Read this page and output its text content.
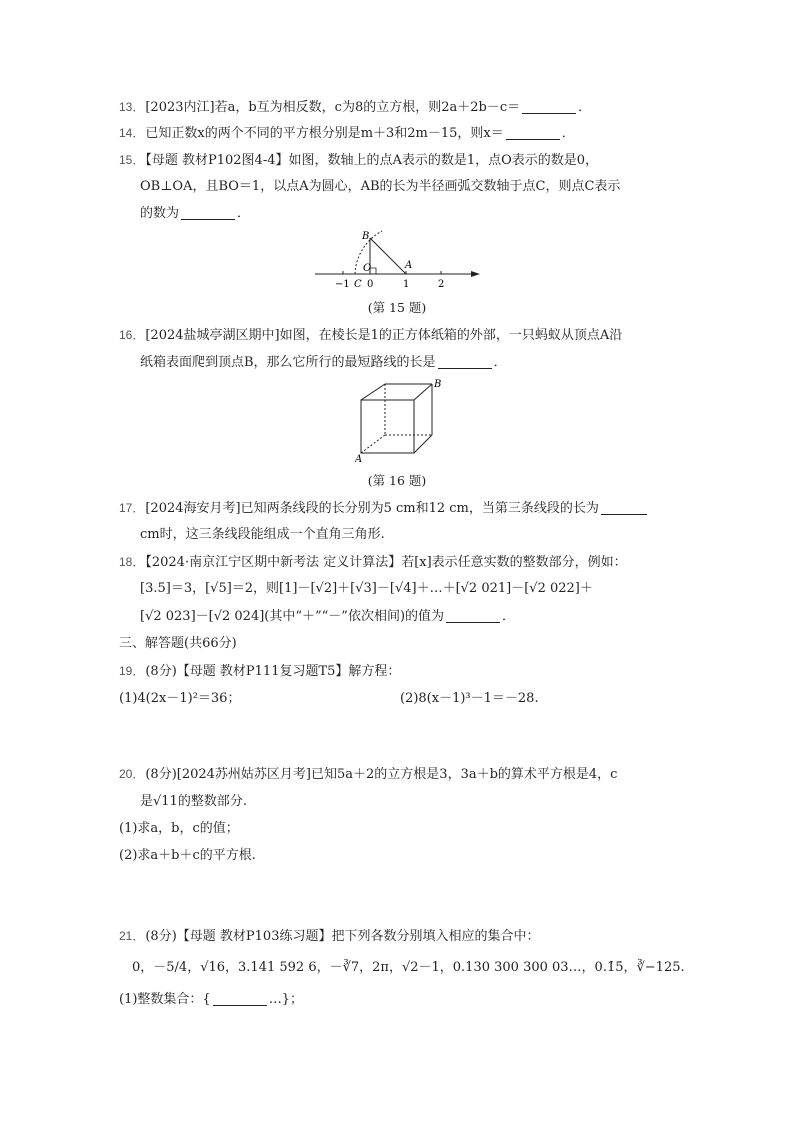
13．[2023内江]若a，b互为相反数，c为8的立方根，则2a＋2b－c＝	．
14．已知正数x的两个不同的平方根分别是m＋3和2m－15，则x＝	．
15．【母题 教材P102图4-4】如图，数轴上的点A表示的数是1，点O表示的数是0，
OB⊥OA，且BO＝1，以点A为圆心，AB的长为半径画弧交数轴于点C，则点C表示
的数为	．
B
O	A
C
−1 0	1	2
(第 15 题)
16．[2024盐城亭湖区期中]如图，在棱长是1的正方体纸箱的外部，一只蚂蚁从顶点A沿
纸箱表面爬到顶点B，那么它所行的最短路线的长是	．
A
B
(第 16 题)
17．[2024海安月考]已知两条线段的长分别为5 cm和12 cm，当第三条线段的长为
cm时，这三条线段能组成一个直角三角形.
18．【2024·南京江宁区期中新考法 定义计算法】若[x]表示任意实数的整数部分，例如：
[3.5]＝3，[√5]＝2，则[1]－[√2]＋[√3]－[√4]＋…＋[√2 021]－[√2 022]＋
[√2 023]－[√2 024](其中“＋”“－”依次相间)的值为	．
三、解答题(共66分)
19．(8分)【母题 教材P111复习题T5】解方程：
(1)4(2x－1)²＝36；	(2)8(x－1)³－1＝－28.
20．(8分)[2024苏州姑苏区月考]已知5a＋2的立方根是3，3a＋b的算术平方根是4，c
是√11的整数部分.
(1)求a，b，c的值；
(2)求a＋b＋c的平方根.
21．(8分)【母题 教材P103练习题】把下列各数分别填入相应的集合中：
0，－5/4，√16，3.141 592 6，－∛7，2π，√2－1，0.130 300 300 03…，0.1̇5̇，∛−125.
(1)整数集合：{	…}；
